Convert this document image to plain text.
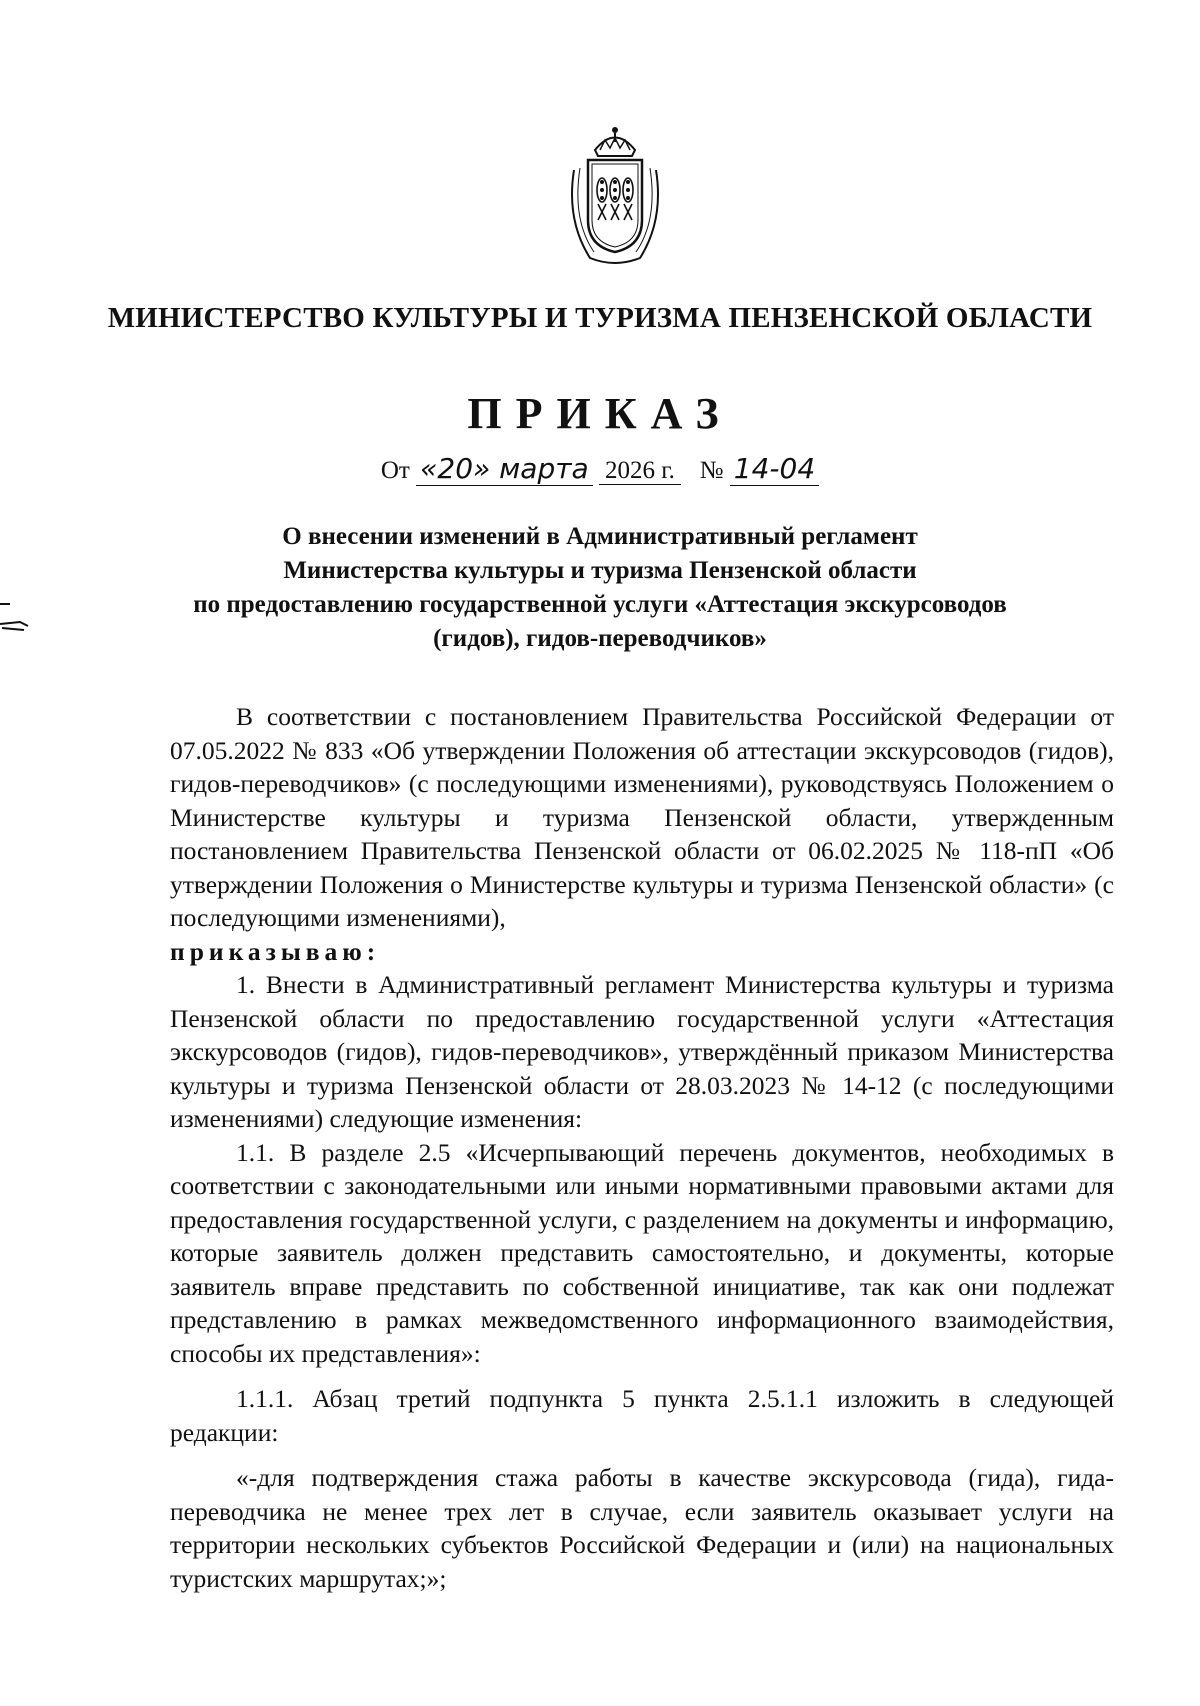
МИНИСТЕРСТВО КУЛЬТУРЫ И ТУРИЗМА ПЕНЗЕНСКОЙ ОБЛАСТИ
ПРИКАЗ
От «20» марта 2026 г. № 14-04
О внесении изменений в Административный регламент
Министерства культуры и туризма Пензенской области
по предоставлению государственной услуги «Аттестация экскурсоводов
(гидов), гидов-переводчиков»

В соответствии с постановлением Правительства Российской Федерации от 07.05.2022 № 833 «Об утверждении Положения об аттестации экскурсоводов (гидов), гидов-переводчиков» (с последующими изменениями), руководствуясь Положением о Министерстве культуры и туризма Пензенской области, утвержденным постановлением Правительства Пензенской области от 06.02.2025 № 118-пП «Об утверждении Положения о Министерстве культуры и туризма Пензенской области» (с последующими изменениями),

приказываю:

1. Внести в Административный регламент Министерства культуры и туризма Пензенской области по предоставлению государственной услуги «Аттестация экскурсоводов (гидов), гидов-переводчиков», утверждённый приказом Министерства культуры и туризма Пензенской области от 28.03.2023 № 14-12 (с последующими изменениями) следующие изменения:

1.1. В разделе 2.5 «Исчерпывающий перечень документов, необходимых в соответствии с законодательными или иными нормативными правовыми актами для предоставления государственной услуги, с разделением на документы и информацию, которые заявитель должен представить самостоятельно, и документы, которые заявитель вправе представить по собственной инициативе, так как они подлежат представлению в рамках межведомственного информационного взаимодействия, способы их представления»:

1.1.1. Абзац третий подпункта 5 пункта 2.5.1.1 изложить в следующей редакции:

«-для подтверждения стажа работы в качестве экскурсовода (гида), гида-переводчика не менее трех лет в случае, если заявитель оказывает услуги на территории нескольких субъектов Российской Федерации и (или) на национальных туристских маршрутах;»;
